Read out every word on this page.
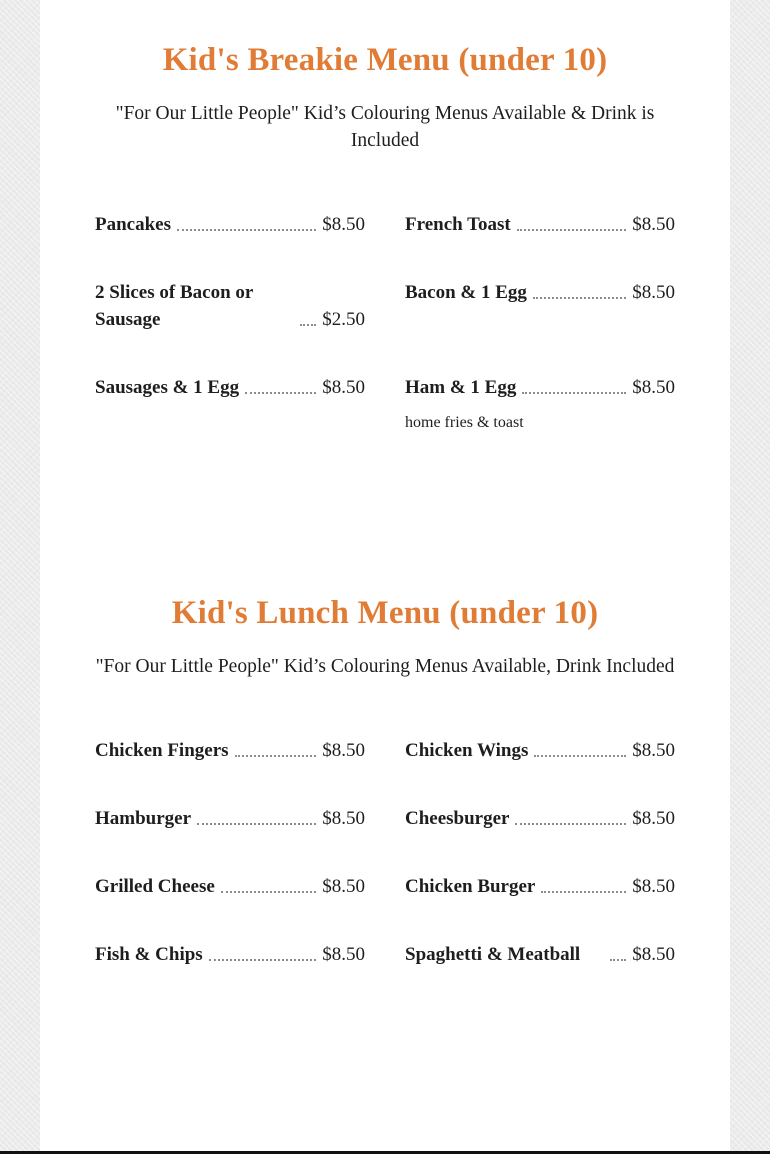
Kid's Breakie Menu (under 10)

"For Our Little People" Kid’s Colouring Menus Available & Drink is Included

Pancakes	$8.50 French Toast	$8.50
2 Slices of Bacon or Sausage	$2.50
Bacon & 1 Egg	$8.50
Sausages & 1 Egg	$8.50 Ham & 1 Egg	$8.50
home fries & toast
Kid's Lunch Menu (under 10)

"For Our Little People" Kid’s Colouring Menus Available, Drink Included

Chicken Fingers	$8.50 Chicken Wings	$8.50
Hamburger	$8.50 Cheesburger	$8.50
Grilled Cheese	$8.50 Chicken Burger	$8.50
Fish & Chips	$8.50 Spaghetti & Meatball	$8.50
